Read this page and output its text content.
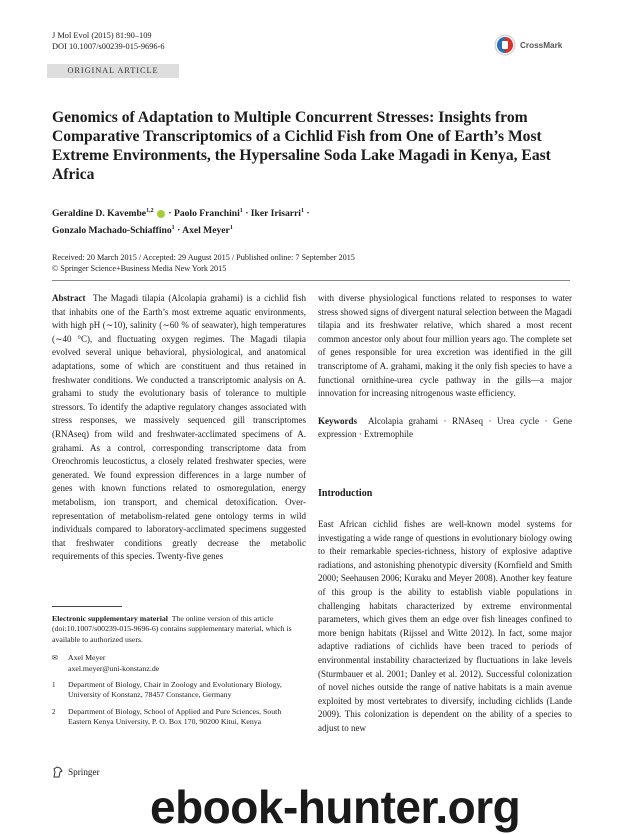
J Mol Evol (2015) 81:90–109
DOI 10.1007/s00239-015-9696-6	CrossMark
ORIGINAL ARTICLE
Genomics of Adaptation to Multiple Concurrent Stresses: Insights from Comparative Transcriptomics of a Cichlid Fish from One of Earth’s Most Extreme Environments, the Hypersaline Soda Lake Magadi in Kenya, East Africa
Geraldine D. Kavembe$^{1,2}$  · Paolo Franchini$^1$ · Iker Irisarri$^1$ ·
Gonzalo Machado-Schiaffino$^1$ · Axel Meyer$^1$
Received: 20 March 2015 / Accepted: 29 August 2015 / Published online: 7 September 2015
© Springer Science+Business Media New York 2015
Abstract The Magadi tilapia (Alcolapia grahami) is a cichlid fish that inhabits one of the Earth’s most extreme aquatic environments, with high pH (∼10), salinity (∼60 % of seawater), high temperatures (∼40 °C), and fluctuating oxygen regimes. The Magadi tilapia evolved several unique behavioral, physiological, and anatomical adaptations, some of which are constituent and thus retained in freshwater conditions. We conducted a transcriptomic analysis on A. grahami to study the evolutionary basis of tolerance to multiple stressors. To identify the adaptive regulatory changes associated with stress responses, we massively sequenced gill transcriptomes (RNAseq) from wild and freshwater-acclimated specimens of A. grahami. As a control, corresponding transcriptome data from Oreochromis leucostictus, a closely related freshwater species, were generated. We found expression differences in a large number of genes with known functions related to osmoregulation, energy metabolism, ion transport, and chemical detoxification. Over-representation of metabolism-related gene ontology terms in wild individuals compared to laboratory-acclimated specimens suggested that freshwater conditions greatly decrease the metabolic requirements of this species. Twenty-five genes
with diverse physiological functions related to responses to water stress showed signs of divergent natural selection between the Magadi tilapia and its freshwater relative, which shared a most recent common ancestor only about four million years ago. The complete set of genes responsible for urea excretion was identified in the gill transcriptome of A. grahami, making it the only fish species to have a functional ornithine-urea cycle pathway in the gills—a major innovation for increasing nitrogenous waste efficiency.
Keywords Alcolapia grahami · RNAseq · Urea cycle · Gene expression · Extremophile
Introduction
East African cichlid fishes are well-known model systems for investigating a wide range of questions in evolutionary biology owing to their remarkable species-richness, history of explosive adaptive radiations, and astonishing phenotypic diversity (Kornfield and Smith 2000; Seehausen 2006; Kuraku and Meyer 2008). Another key feature of this group is the ability to establish viable populations in challenging habitats characterized by extreme environmental parameters, which gives them an edge over fish lineages confined to more benign habitats (Rijssel and Witte 2012). In fact, some major adaptive radiations of cichlids have been traced to periods of environmental instability characterized by fluctuations in lake levels (Sturmbauer et al. 2001; Danley et al. 2012). Successful colonization of novel niches outside the range of native habitats is a main avenue exploited by most vertebrates to diversify, including cichlids (Lande 2009). This colonization is dependent on the ability of a species to adjust to new
Electronic supplementary material The online version of this article (doi:10.1007/s00239-015-9696-6) contains supplementary material, which is available to authorized users.
✉	Axel Meyer
axel.meyer@uni-konstanz.de
1	Department of Biology, Chair in Zoology and Evolutionary Biology, University of Konstanz, 78457 Constance, Germany
2	Department of Biology, School of Applied and Pure Sciences, South Eastern Kenya University, P. O. Box 170, 90200 Kitui, Kenya
Springer
ebook-hunter.org
